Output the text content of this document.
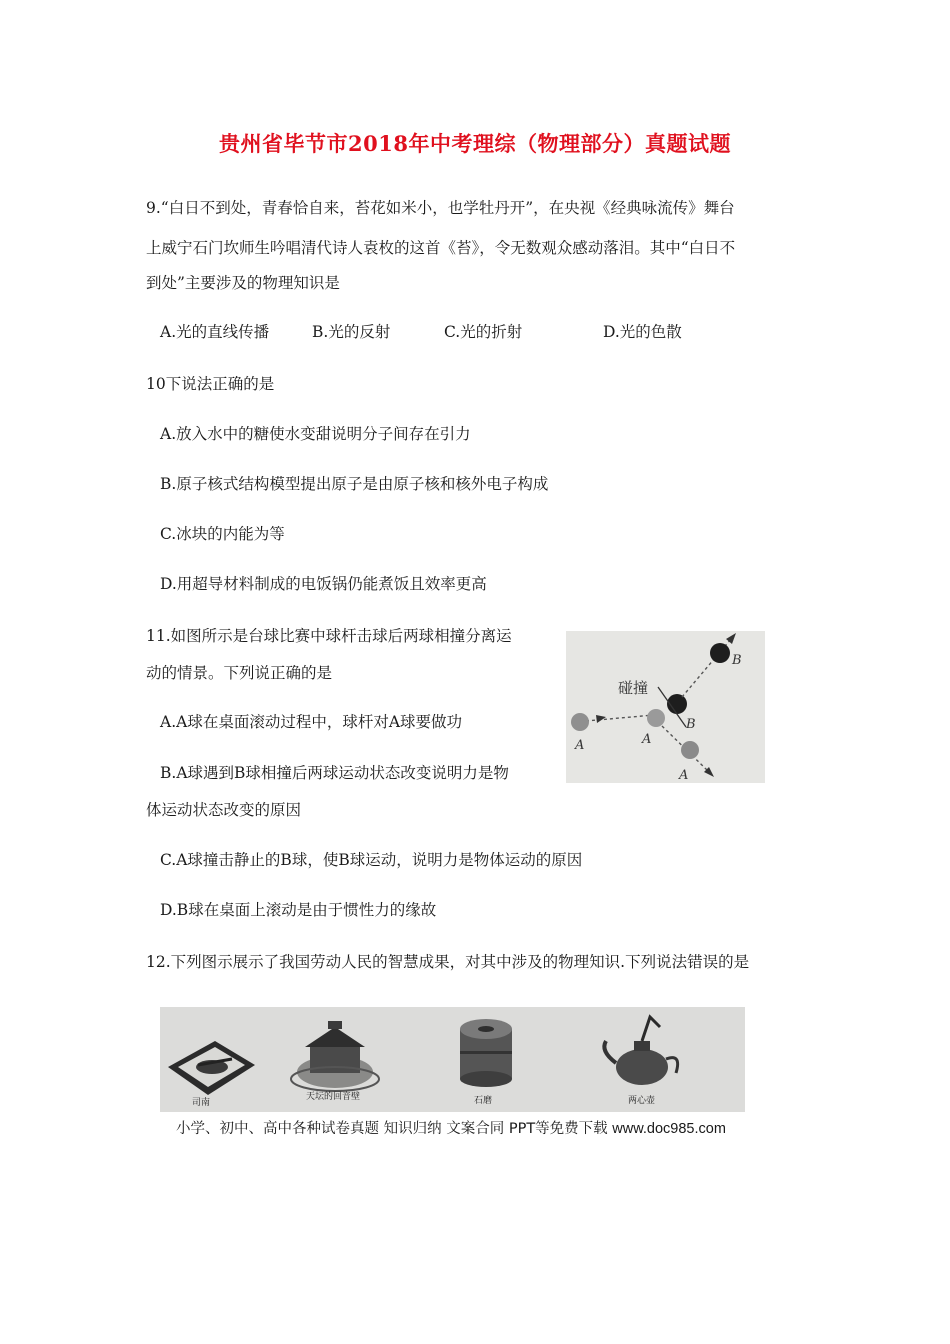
贵州省毕节市2018年中考理综（物理部分）真题试题
9.“白日不到处，青春恰自来，苔花如米小，也学牡丹开”，在央视《经典咏流传》舞台
上威宁石门坎师生吟唱清代诗人袁枚的这首《苔》，令无数观众感动落泪。其中“白日不
到处”主要涉及的物理知识是
A.光的直线传播	B.光的反射	C.光的折射	D.光的色散
10下说法正确的是
A.放入水中的糖使水变甜说明分子间存在引力
B.原子核式结构模型提出原子是由原子核和核外电子构成
C.冰块的内能为等
D.用超导材料制成的电饭锅仍能煮饭且效率更高
11.如图所示是台球比赛中球杆击球后两球相撞分离运
动的情景。下列说正确的是
A.A球在桌面滚动过程中，球杆对A球要做功
B.A球遇到B球相撞后两球运动状态改变说明力是物
体运动状态改变的原因
C.A球撞击静止的B球，使B球运动，说明力是物体运动的原因
D.B球在桌面上滚动是由于惯性力的缘故
A	A
B
碰撞
B
A
12.下列图示展示了我国劳动人民的智慧成果，对其中涉及的物理知识.下列说法错误的是
司南
天坛的回音壁	石磨	两心壶
小学、初中、高中各种试卷真题 知识归纳 文案合同 PPT等免费下载 www.doc985.com
